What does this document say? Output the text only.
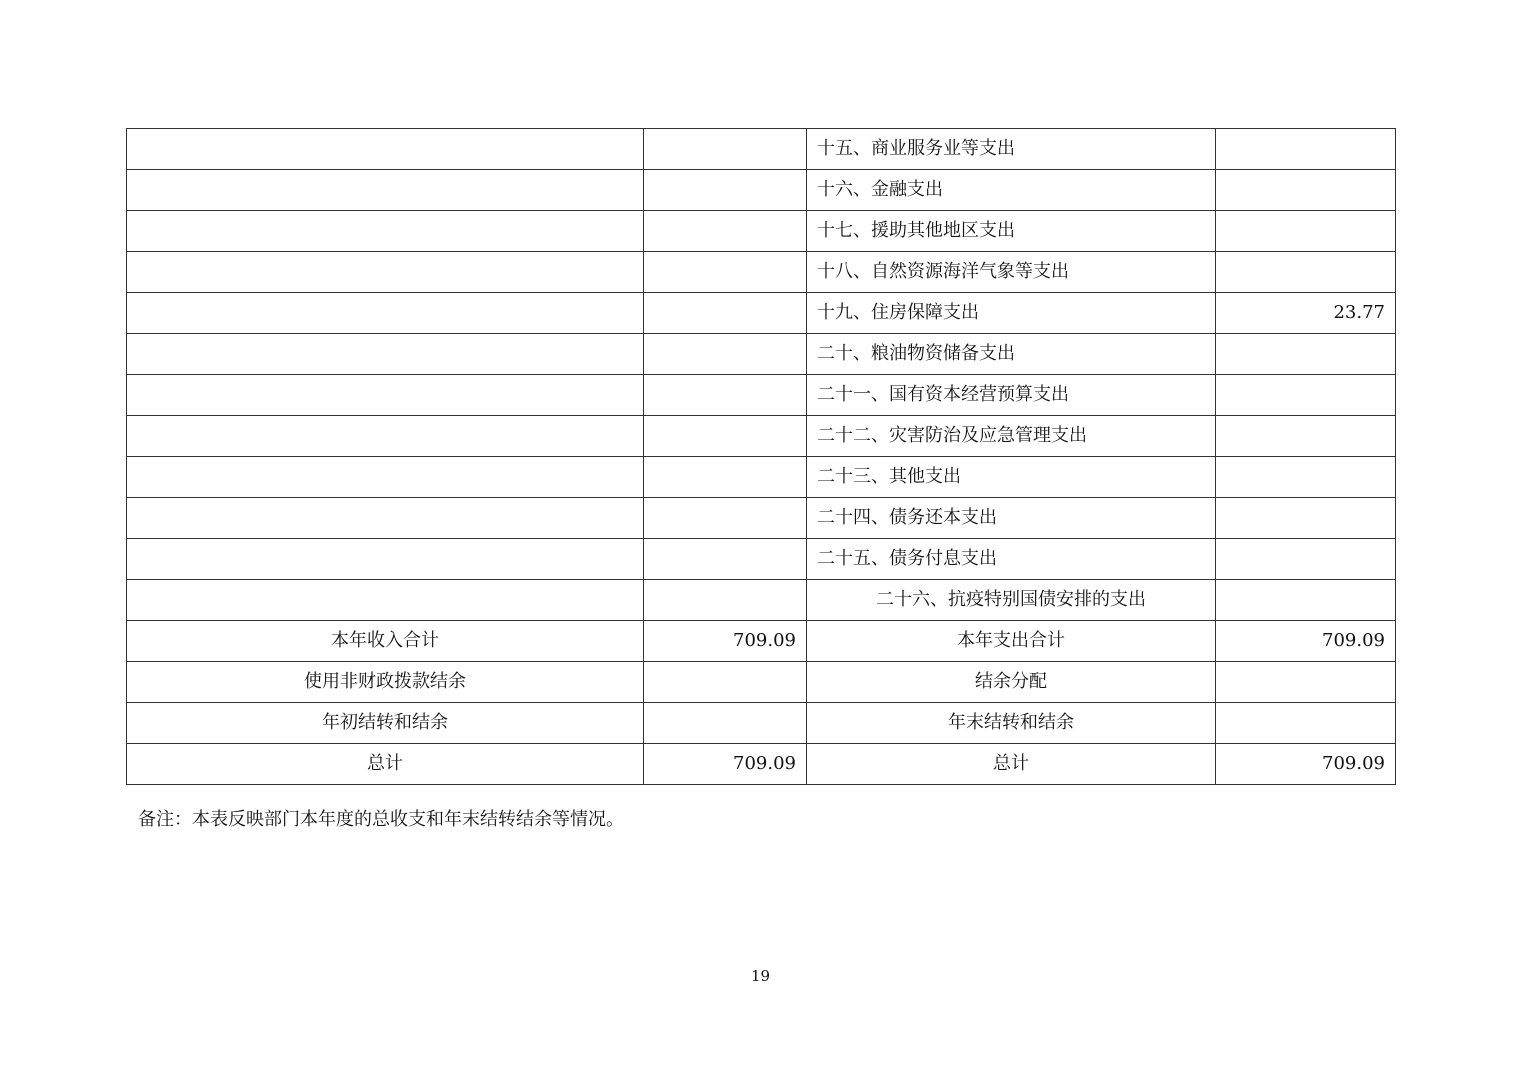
		十五、商业服务业等支出	
		十六、金融支出	
		十七、援助其他地区支出	
		十八、自然资源海洋气象等支出	
		十九、住房保障支出	23.77
		二十、粮油物资储备支出	
		二十一、国有资本经营预算支出	
		二十二、灾害防治及应急管理支出	
		二十三、其他支出	
		二十四、债务还本支出	
		二十五、债务付息支出	
		二十六、抗疫特别国债安排的支出	
本年收入合计	709.09	本年支出合计	709.09
使用非财政拨款结余		结余分配	
年初结转和结余		年末结转和结余	
总计	709.09	总计	709.09
备注：本表反映部门本年度的总收支和年末结转结余等情况。
19
